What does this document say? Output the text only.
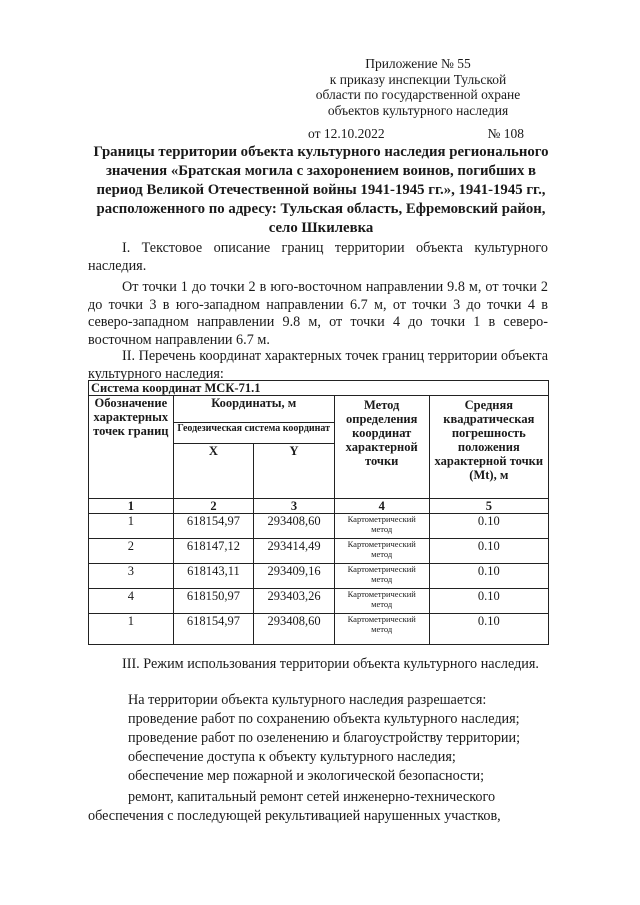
Приложение № 55
к приказу инспекции Тульской
области по государственной охране
объектов культурного наследия
от 12.10.2022	№ 108
Границы территории объекта культурного наследия регионального значения «Братская могила с захоронением воинов, погибших в период Великой Отечественной войны 1941-1945 гг.», 1941-1945 гг., расположенного по адресу: Тульская область, Ефремовский район, село Шкилевка
I. Текстовое описание границ территории объекта культурного наследия.
От точки 1 до точки 2 в юго-восточном направлении 9.8 м, от точки 2 до точки 3 в юго-западном направлении 6.7 м, от точки 3 до точки 4 в северо-западном направлении 9.8 м, от точки 4 до точки 1 в северо-восточном направлении 6.7 м.
II. Перечень координат характерных точек границ территории объекта культурного наследия:
Система координат МСК-71.1				
Обозначение характерных точек границ	Координаты, м		Метод определения координат характерной точки	Средняя квадратическая погрешность положения характерной точки (Mt), м
	Геодезическая система координат			
	X	Y		
1	2	3	4	5
1	618154,97	293408,60	Картометрический метод	0.10
2	618147,12	293414,49	Картометрический метод	0.10
3	618143,11	293409,16	Картометрический метод	0.10
4	618150,97	293403,26	Картометрический метод	0.10
1	618154,97	293408,60	Картометрический метод	0.10
III. Режим использования территории объекта культурного наследия.
На территории объекта культурного наследия разрешается:
проведение работ по сохранению объекта культурного наследия;
проведение работ по озеленению и благоустройству территории;
обеспечение доступа к объекту культурного наследия;
обеспечение мер пожарной и экологической безопасности;
ремонт, капитальный ремонт сетей инженерно-технического
обеспечения с последующей рекультивацией нарушенных участков,
